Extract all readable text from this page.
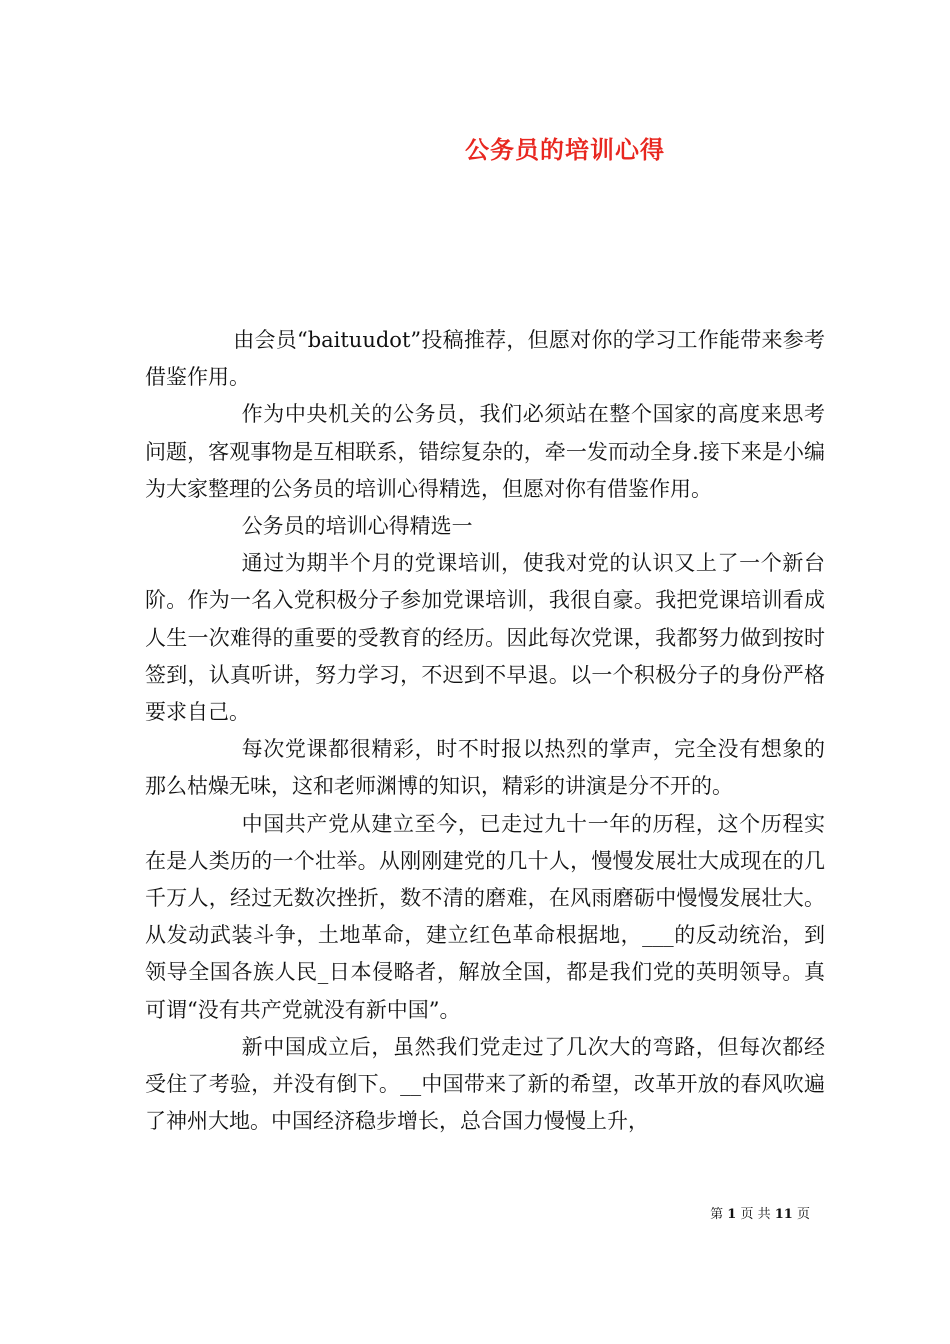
公务员的培训心得

由会员“baituudot”投稿推荐，但愿对你的学习工作能带来参考借鉴作用。

作为中央机关的公务员，我们必须站在整个国家的高度来思考问题，客观事物是互相联系，错综复杂的，牵一发而动全身.接下来是小编为大家整理的公务员的培训心得精选，但愿对你有借鉴作用。

公务员的培训心得精选一

通过为期半个月的党课培训，使我对党的认识又上了一个新台阶。作为一名入党积极分子参加党课培训，我很自豪。我把党课培训看成人生一次难得的重要的受教育的经历。因此每次党课，我都努力做到按时签到，认真听讲，努力学习，不迟到不早退。以一个积极分子的身份严格要求自己。

每次党课都很精彩，时不时报以热烈的掌声，完全没有想象的那么枯燥无味，这和老师渊博的知识，精彩的讲演是分不开的。

中国共产党从建立至今，已走过九十一年的历程，这个历程实在是人类历的一个壮举。从刚刚建党的几十人，慢慢发展壮大成现在的几千万人，经过无数次挫折，数不清的磨难，在风雨磨砺中慢慢发展壮大。从发动武装斗争，土地革命，建立红色革命根据地，___的反动统治，到领导全国各族人民_日本侵略者，解放全国，都是我们党的英明领导。真可谓“没有共产党就没有新中国”。

新中国成立后，虽然我们党走过了几次大的弯路，但每次都经受住了考验，并没有倒下。__中国带来了新的希望，改革开放的春风吹遍了神州大地。中国经济稳步增长，总合国力慢慢上升，

第 1 页 共 11 页
